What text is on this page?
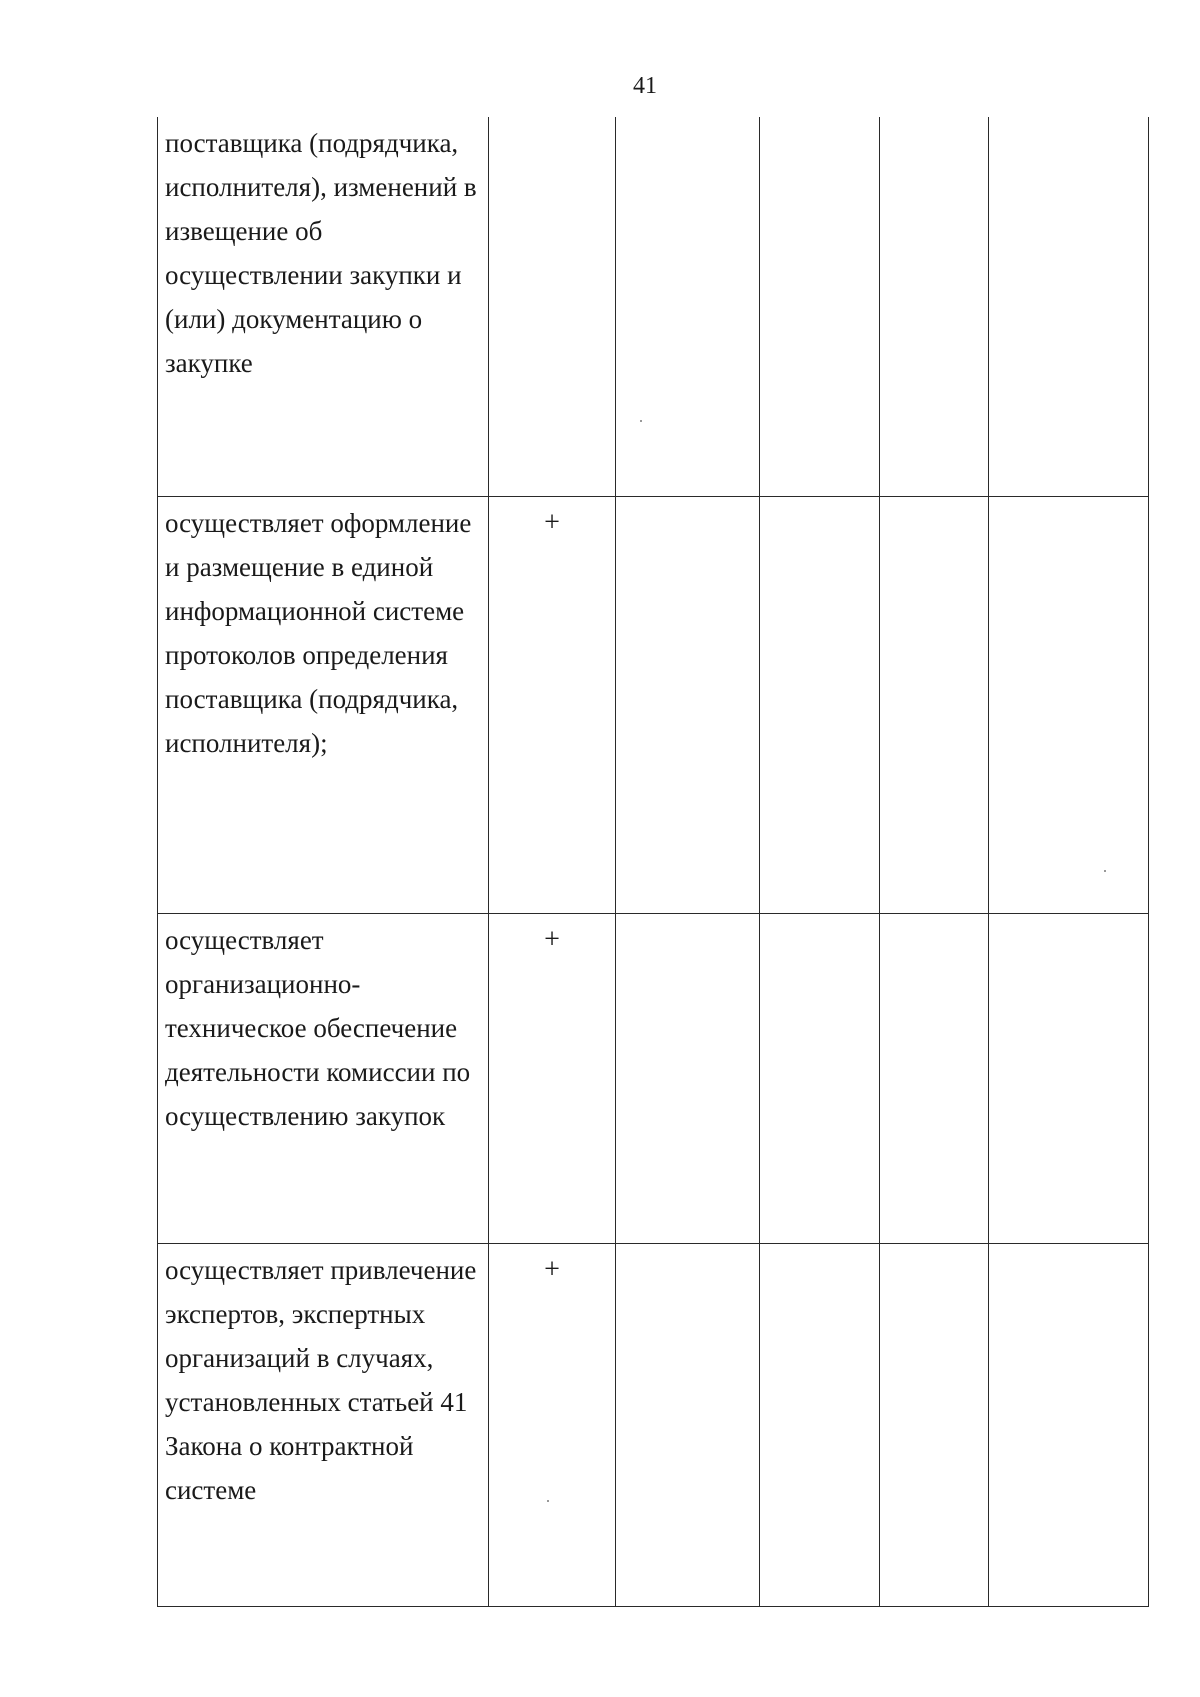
41
поставщика (подрядчика, исполнителя), изменений в извещение об осуществлении закупки и (или) документацию о закупке					
осуществляет оформление и размещение в единой информационной системе протоколов определения поставщика (подрядчика, исполнителя);	+				
осуществляет организационно-техническое обеспечение деятельности комиссии по осуществлению закупок	+				
осуществляет привлечение экспертов, экспертных организаций в случаях, установленных статьей 41 Закона о контрактной системе	+				
